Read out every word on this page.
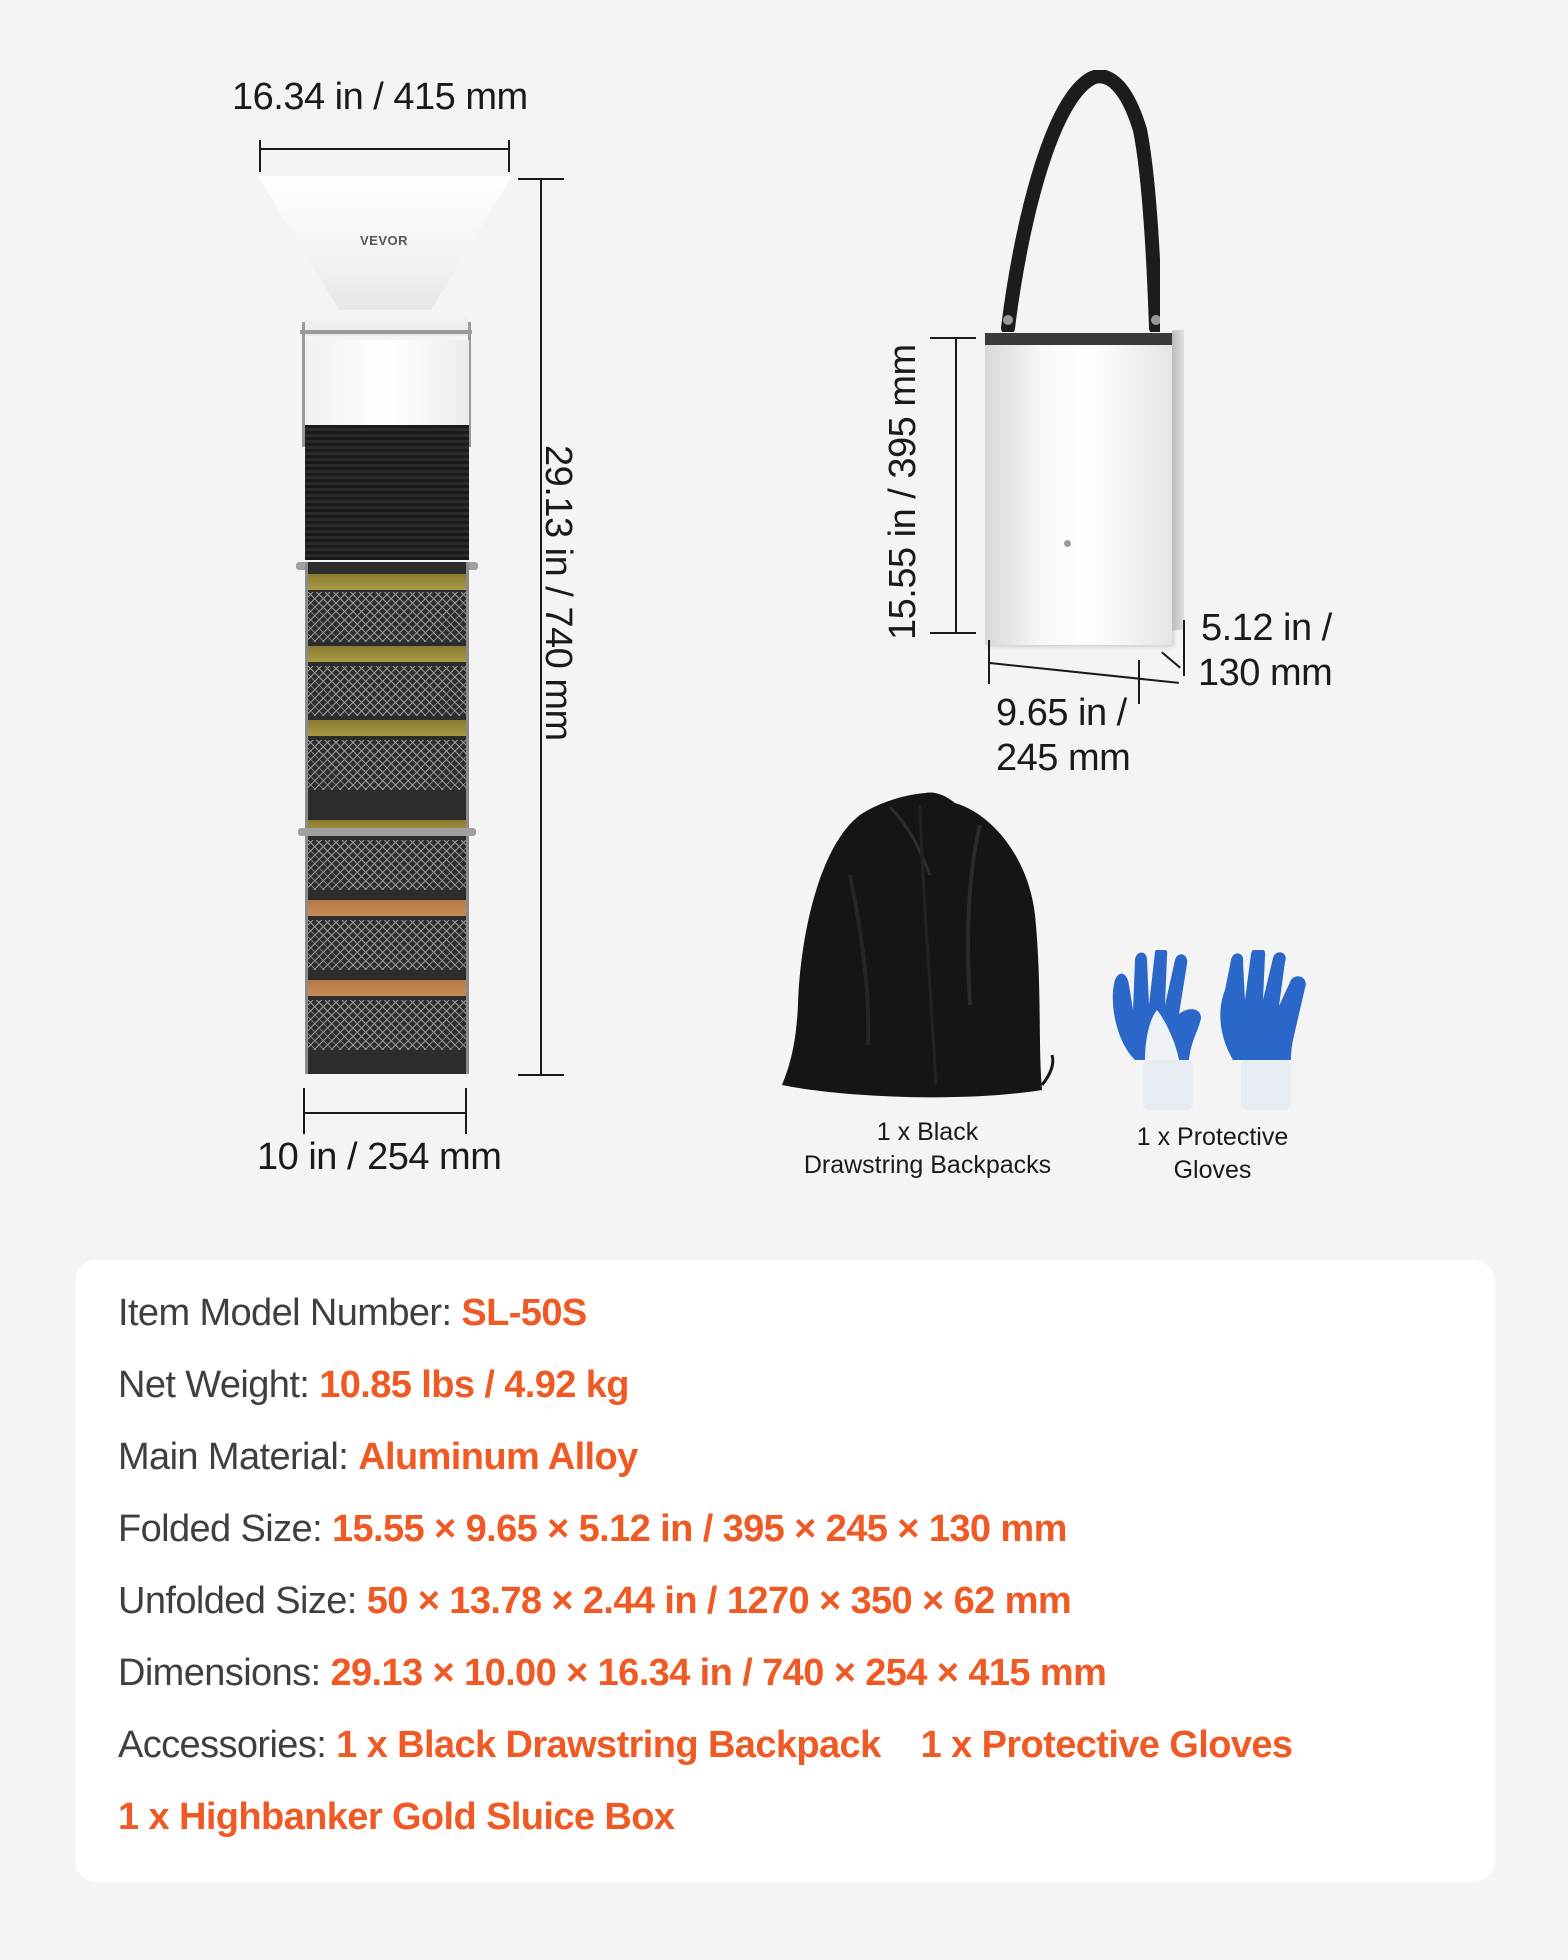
16.34 in / 415 mm
VEVOR
29.13 in / 740 mm
10 in / 254 mm
15.55 in / 395 mm	5.12 in /
130 mm
9.65 in /
245 mm
1 x Black
Drawstring Backpacks
1 x Protective
Gloves
Item Model Number: SL-50S
Net Weight: 10.85 lbs / 4.92 kg
Main Material: Aluminum Alloy
Folded Size: 15.55 × 9.65 × 5.12 in / 395 × 245 × 130 mm
Unfolded Size: 50 × 13.78 × 2.44 in / 1270 × 350 × 62 mm
Dimensions: 29.13 × 10.00 × 16.34 in / 740 × 254 × 415 mm
Accessories: 1 x Black Drawstring Backpack 1 x Protective Gloves
1 x Highbanker Gold Sluice Box
